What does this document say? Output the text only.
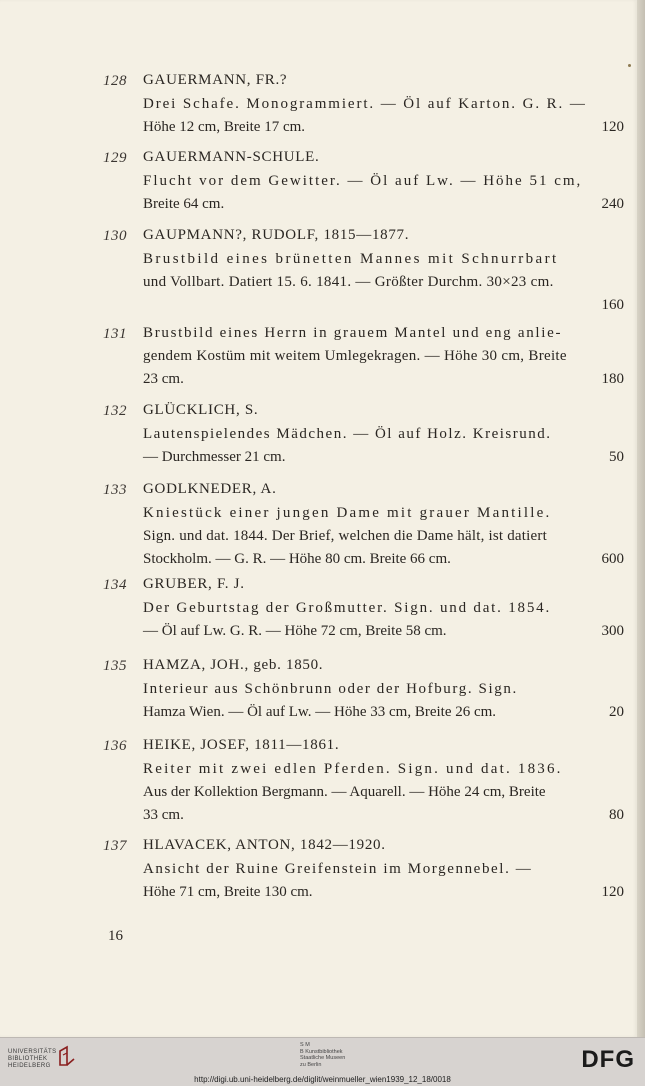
128 GAUERMANN, FR.?
Drei Schafe. Monogrammiert. — Öl auf Karton. G. R. —
Höhe 12 cm, Breite 17 cm.	120
129 GAUERMANN-SCHULE.
Flucht vor dem Gewitter. — Öl auf Lw. — Höhe 51 cm,
Breite 64 cm.	240
130 GAUPMANN?, RUDOLF, 1815—1877.
Brustbild eines brünetten Mannes mit Schnurrbart
und Vollbart. Datiert 15. 6. 1841. — Größter Durchm. 30×23 cm.
160
131 Brustbild eines Herrn in grauem Mantel und eng anlie-
gendem Kostüm mit weitem Umlegekragen. — Höhe 30 cm, Breite
23 cm.	180
132 GLÜCKLICH, S.
Lautenspielendes Mädchen. — Öl auf Holz. Kreisrund.
— Durchmesser 21 cm.	50
133 GODLKNEDER, A.
Kniestück einer jungen Dame mit grauer Mantille.
Sign. und dat. 1844. Der Brief, welchen die Dame hält, ist datiert
Stockholm. — G. R. — Höhe 80 cm. Breite 66 cm.	600
134 GRUBER, F. J.
Der Geburtstag der Großmutter. Sign. und dat. 1854.
— Öl auf Lw. G. R. — Höhe 72 cm, Breite 58 cm.	300
135 HAMZA, JOH., geb. 1850.
Interieur aus Schönbrunn oder der Hofburg. Sign.
Hamza Wien. — Öl auf Lw. — Höhe 33 cm, Breite 26 cm.	20
136 HEIKE, JOSEF, 1811—1861.
Reiter mit zwei edlen Pferden. Sign. und dat. 1836.
Aus der Kollektion Bergmann. — Aquarell. — Höhe 24 cm, Breite
33 cm.	80
137 HLAVACEK, ANTON, 1842—1920.
Ansicht der Ruine Greifenstein im Morgennebel. —
Höhe 71 cm, Breite 130 cm.	120
16
UNIVERSITÄTS
BIBLIOTHEK
HEIDELBERG
S M
B Kunstbibliothek
Staatliche Museen
zu Berlin	DFG
http://digi.ub.uni-heidelberg.de/diglit/weinmueller_wien1939_12_18/0018
